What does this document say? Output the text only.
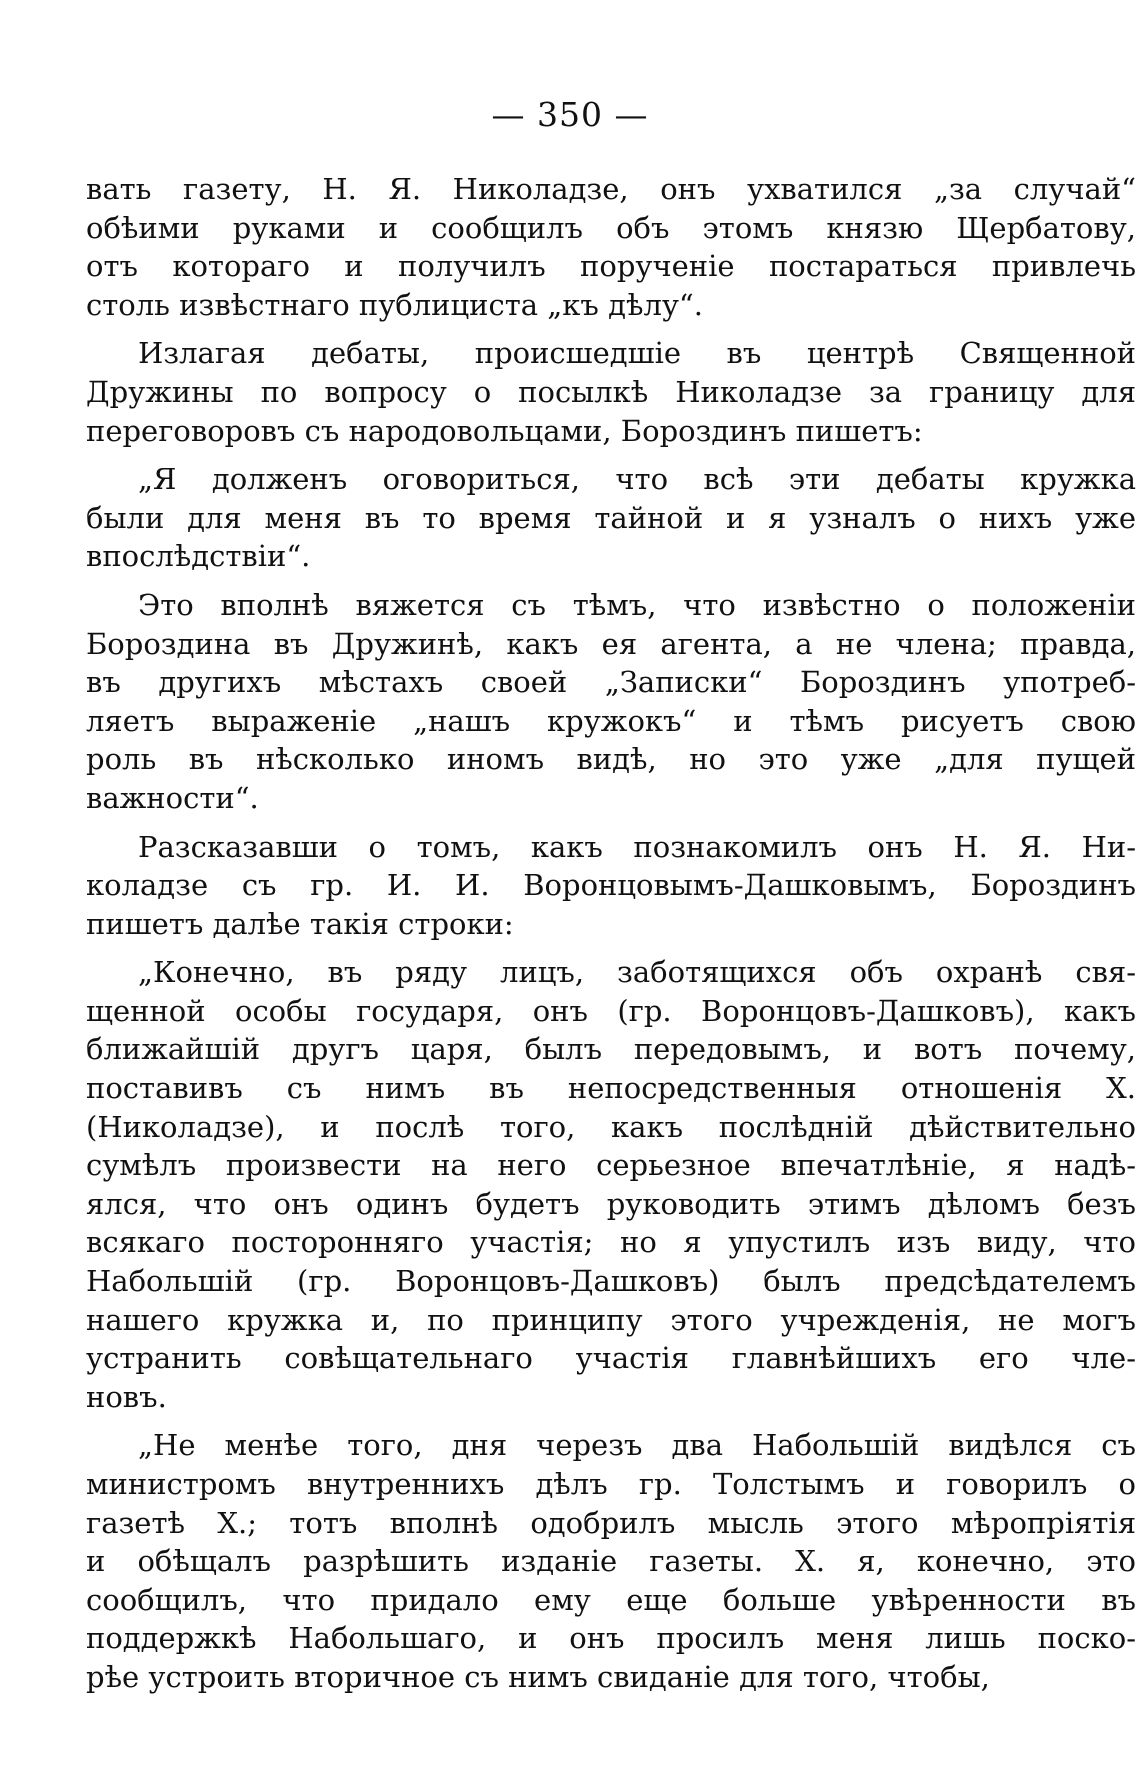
— 350 —
вать газету, Н. Я. Николадзе, онъ ухватился „за случай“
обѣими руками и сообщилъ объ этомъ князю Щербатову,
отъ котораго и получилъ порученіе постараться привлечь
столь извѣстнаго публициста „къ дѣлу“.
Излагая дебаты, происшедшіе въ центрѣ Священной
Дружины по вопросу о посылкѣ Николадзе за границу для
переговоровъ съ народовольцами, Бороздинъ пишетъ:
„Я долженъ оговориться, что всѣ эти дебаты кружка
были для меня въ то время тайной и я узналъ о нихъ уже
впослѣдствіи“.
Это вполнѣ вяжется съ тѣмъ, что извѣстно о положеніи
Бороздина въ Дружинѣ, какъ ея агента, а не члена; правда,
въ другихъ мѣстахъ своей „Записки“ Бороздинъ употреб-
ляетъ выраженіе „нашъ кружокъ“ и тѣмъ рисуетъ свою
роль въ нѣсколько иномъ видѣ, но это уже „для пущей
важности“.
Разсказавши о томъ, какъ познакомилъ онъ Н. Я. Ни-
коладзе съ гр. И. И. Воронцовымъ-Дашковымъ, Бороздинъ
пишетъ далѣе такія строки:
„Конечно, въ ряду лицъ, заботящихся объ охранѣ свя-
щенной особы государя, онъ (гр. Воронцовъ-Дашковъ), какъ
ближайшій другъ царя, былъ передовымъ, и вотъ почему,
поставивъ съ нимъ въ непосредственныя отношенія Х.
(Николадзе), и послѣ того, какъ послѣдній дѣйствительно
сумѣлъ произвести на него серьезное впечатлѣніе, я надѣ-
ялся, что онъ одинъ будетъ руководить этимъ дѣломъ безъ
всякаго посторонняго участія; но я упустилъ изъ виду, что
Набольшій (гр. Воронцовъ-Дашковъ) былъ предсѣдателемъ
нашего кружка и, по принципу этого учрежденія, не могъ
устранить совѣщательнаго участія главнѣйшихъ его чле-
новъ.
„Не менѣе того, дня черезъ два Набольшій видѣлся съ
министромъ внутреннихъ дѣлъ гр. Толстымъ и говорилъ о
газетѣ Х.; тотъ вполнѣ одобрилъ мысль этого мѣропріятія
и обѣщалъ разрѣшить изданіе газеты. Х. я, конечно, это
сообщилъ, что придало ему еще больше увѣренности въ
поддержкѣ Набольшаго, и онъ просилъ меня лишь поско-
рѣе устроить вторичное съ нимъ свиданіе для того, чтобы,
